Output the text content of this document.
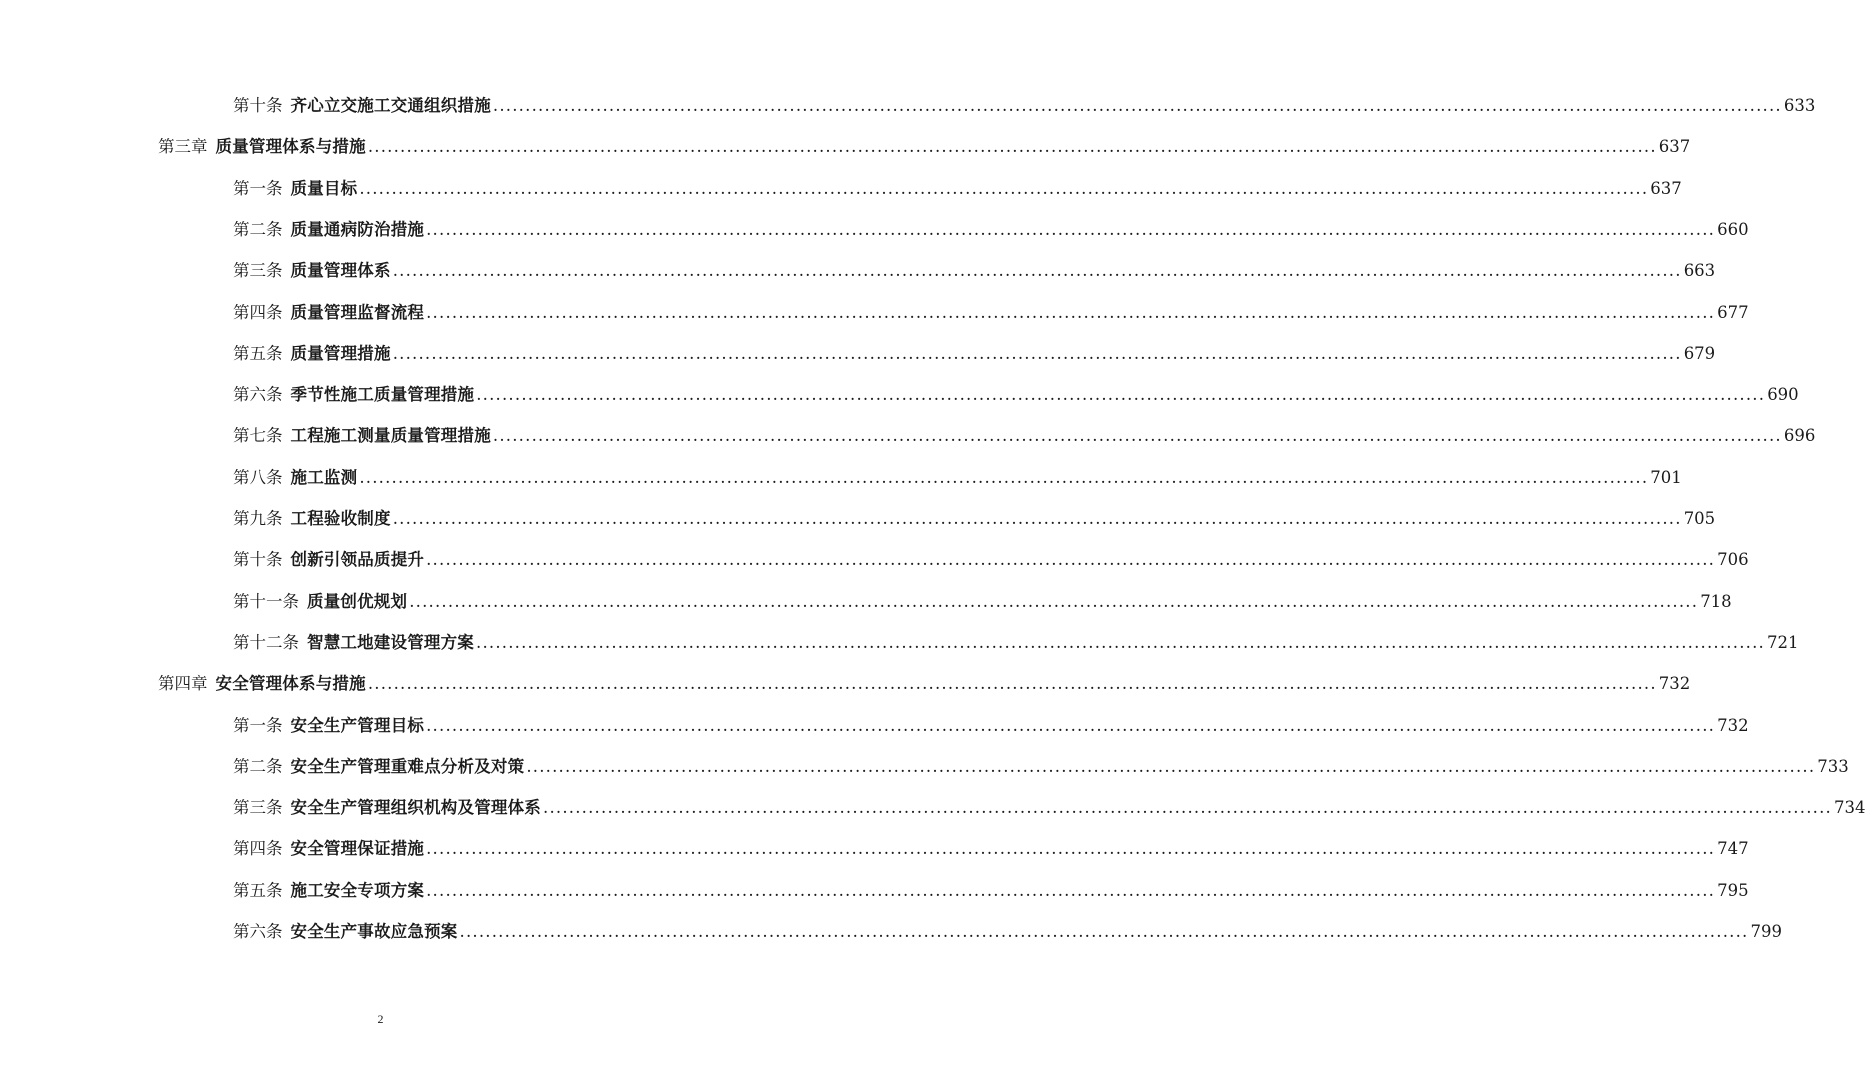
第十条 齐心立交施工交通组织措施 ........................................................................................................................................................................................................ 633
第三章 质量管理体系与措施 ........................................................................................................................................................................................................ 637
第一条 质量目标 ........................................................................................................................................................................................................ 637
第二条 质量通病防治措施 ........................................................................................................................................................................................................ 660
第三条 质量管理体系 ........................................................................................................................................................................................................ 663
第四条 质量管理监督流程 ........................................................................................................................................................................................................ 677
第五条 质量管理措施 ........................................................................................................................................................................................................ 679
第六条 季节性施工质量管理措施 ........................................................................................................................................................................................................ 690
第七条 工程施工测量质量管理措施 ........................................................................................................................................................................................................ 696
第八条 施工监测 ........................................................................................................................................................................................................ 701
第九条 工程验收制度 ........................................................................................................................................................................................................ 705
第十条 创新引领品质提升 ........................................................................................................................................................................................................ 706
第十一条 质量创优规划 ........................................................................................................................................................................................................ 718
第十二条 智慧工地建设管理方案 ........................................................................................................................................................................................................ 721
第四章 安全管理体系与措施 ........................................................................................................................................................................................................ 732
第一条 安全生产管理目标 ........................................................................................................................................................................................................ 732
第二条 安全生产管理重难点分析及对策 ........................................................................................................................................................................................................ 733
第三条 安全生产管理组织机构及管理体系 ........................................................................................................................................................................................................ 734
第四条 安全管理保证措施 ........................................................................................................................................................................................................ 747
第五条 施工安全专项方案 ........................................................................................................................................................................................................ 795
第六条 安全生产事故应急预案 ........................................................................................................................................................................................................ 799
2
